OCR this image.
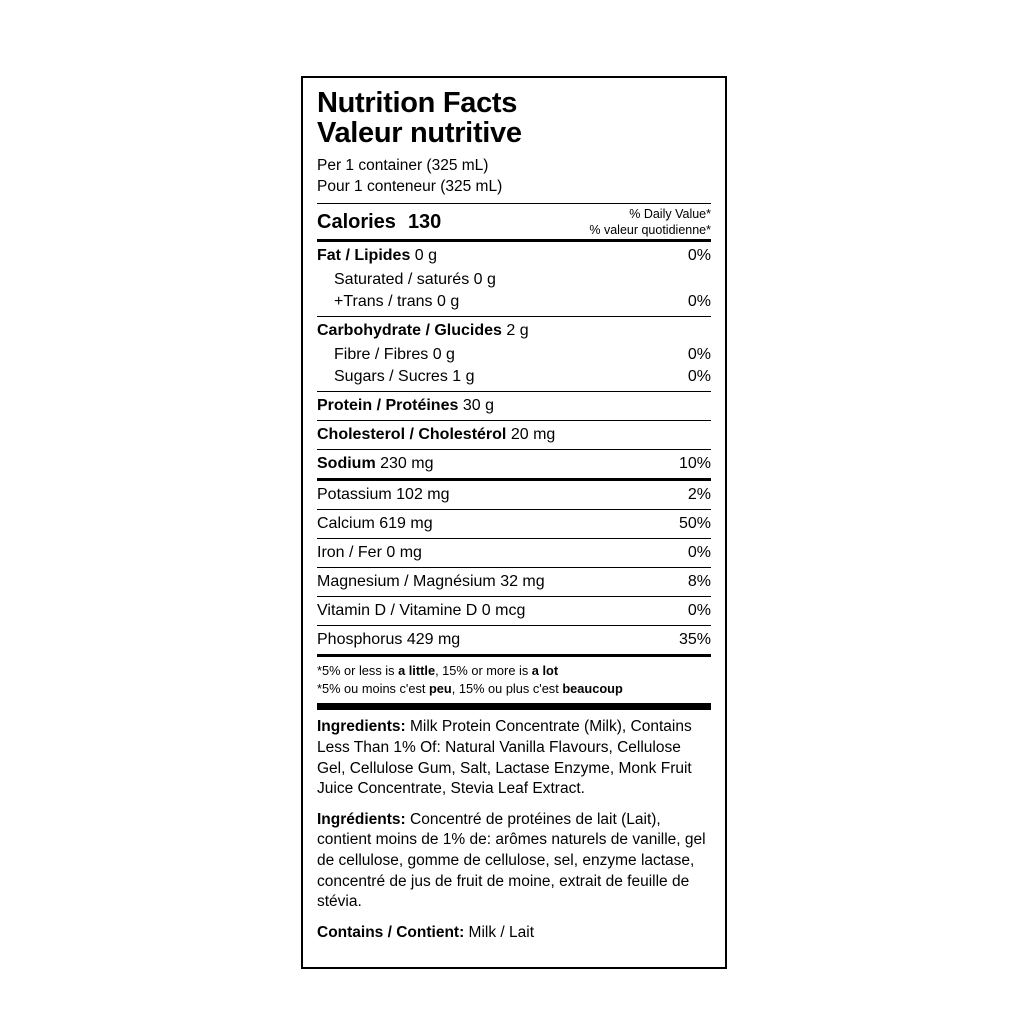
Nutrition Facts
Valeur nutritive
Per 1 container (325 mL)
Pour 1 conteneur (325 mL)
% Daily Value*
% valeur quotidienne*
Calories 130
Fat / Lipides 0 g	0%
Saturated / saturés 0 g
+Trans / trans 0 g	0%
Carbohydrate / Glucides 2 g
Fibre / Fibres 0 g	0%
Sugars / Sucres 1 g	0%
Protein / Protéines 30 g
Cholesterol / Cholestérol 20 mg
Sodium 230 mg	10%
Potassium 102 mg	2%
Calcium 619 mg	50%
Iron / Fer 0 mg	0%
Magnesium / Magnésium 32 mg	8%
Vitamin D / Vitamine D 0 mcg	0%
Phosphorus 429 mg	35%
*5% or less is a little, 15% or more is a lot
*5% ou moins c'est peu, 15% ou plus c'est beaucoup

Ingredients: Milk Protein Concentrate (Milk), Contains Less Than 1% Of: Natural Vanilla Flavours, Cellulose Gel, Cellulose Gum, Salt, Lactase Enzyme, Monk Fruit Juice Concentrate, Stevia Leaf Extract.

Ingrédients: Concentré de protéines de lait (Lait), contient moins de 1% de: arômes naturels de vanille, gel de cellulose, gomme de cellulose, sel, enzyme lactase, concentré de jus de fruit de moine, extrait de feuille de stévia.

Contains / Contient: Milk / Lait
